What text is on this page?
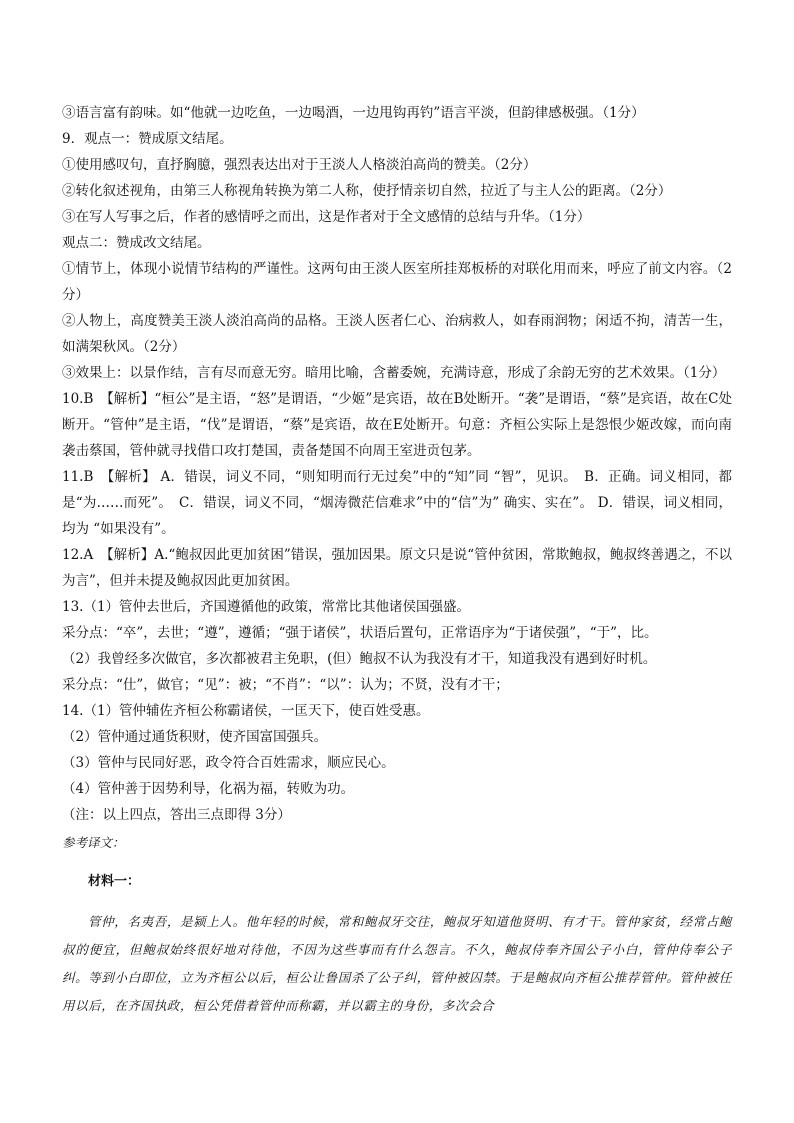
③语言富有韵味。如“他就一边吃鱼，一边喝酒，一边甩钩再钓”语言平淡，但韵律感极强。（1分）

9．观点一：赞成原文结尾。

①使用感叹句，直抒胸臆，强烈表达出对于王淡人人格淡泊高尚的赞美。（2分）

②转化叙述视角，由第三人称视角转换为第二人称，使抒情亲切自然，拉近了与主人公的距离。（2分）

③在写人写事之后，作者的感情呼之而出，这是作者对于全文感情的总结与升华。（1分）

观点二：赞成改文结尾。

①情节上，体现小说情节结构的严谨性。这两句由王淡人医室所挂郑板桥的对联化用而来，呼应了前文内容。（2分）

②人物上，高度赞美王淡人淡泊高尚的品格。王淡人医者仁心、治病救人，如春雨润物；闲适不拘，清苦一生，如满架秋风。（2分）

③效果上：以景作结，言有尽而意无穷。暗用比喻，含蓄委婉，充满诗意，形成了余韵无穷的艺术效果。（1分）

10.B　【解析】“桓公”是主语，“怒”是谓语，“少姬”是宾语，故在B处断开。“袭”是谓语，“蔡”是宾语，故在C处断开。“管仲”是主语，“伐”是谓语，“蔡”是宾语，故在E处断开。句意：齐桓公实际上是怨恨少姬改嫁，而向南袭击蔡国，管仲就寻找借口攻打楚国，责备楚国不向周王室进贡包茅。

11.B　【解析】 A．错误，词义不同，“则知明而行无过矣”中的“知”同 “智”，见识。　B．正确。词义相同，都是“为……而死”。　C．错误，词义不同，“烟涛微茫信难求”中的“信”为” 确实、实在”。 D．错误，词义相同，均为 “如果没有”。

12.A　【解析】A.“鲍叔因此更加贫困”错误，强加因果。原文只是说“管仲贫困，常欺鲍叔，鲍叔终善遇之，不以为言”，但并未提及鲍叔因此更加贫困。

13.（1）管仲去世后，齐国遵循他的政策，常常比其他诸侯国强盛。

采分点：“卒”，去世；“遵”，遵循；“强于诸侯”，状语后置句，正常语序为“于诸侯强”，“于”，比。

（2）我曾经多次做官，多次都被君主免职，(但）鲍叔不认为我没有才干，知道我没有遇到好时机。

采分点：“仕”，做官；“见”：被；“不肖”：“以”：认为；不贤，没有才干；

14.（1）管仲辅佐齐桓公称霸诸侯，一匡天下，使百姓受惠。

（2）管仲通过通货积财，使齐国富国强兵。

（3）管仲与民同好恶，政令符合百姓需求，顺应民心。

（4）管仲善于因势利导，化祸为福，转败为功。

（注：以上四点，答出三点即得 3分）

参考译文：

材料一：

管仲，名夷吾，是颍上人。他年轻的时候，常和鲍叔牙交往，鲍叔牙知道他贤明、有才干。管仲家贫，经常占鲍叔的便宜，但鲍叔始终很好地对待他，不因为这些事而有什么怨言。不久，鲍叔侍奉齐国公子小白，管仲侍奉公子纠。等到小白即位，立为齐桓公以后，桓公让鲁国杀了公子纠，管仲被囚禁。于是鲍叔向齐桓公推荐管仲。管仲被任用以后，在齐国执政，桓公凭借着管仲而称霸，并以霸主的身份，多次会合
